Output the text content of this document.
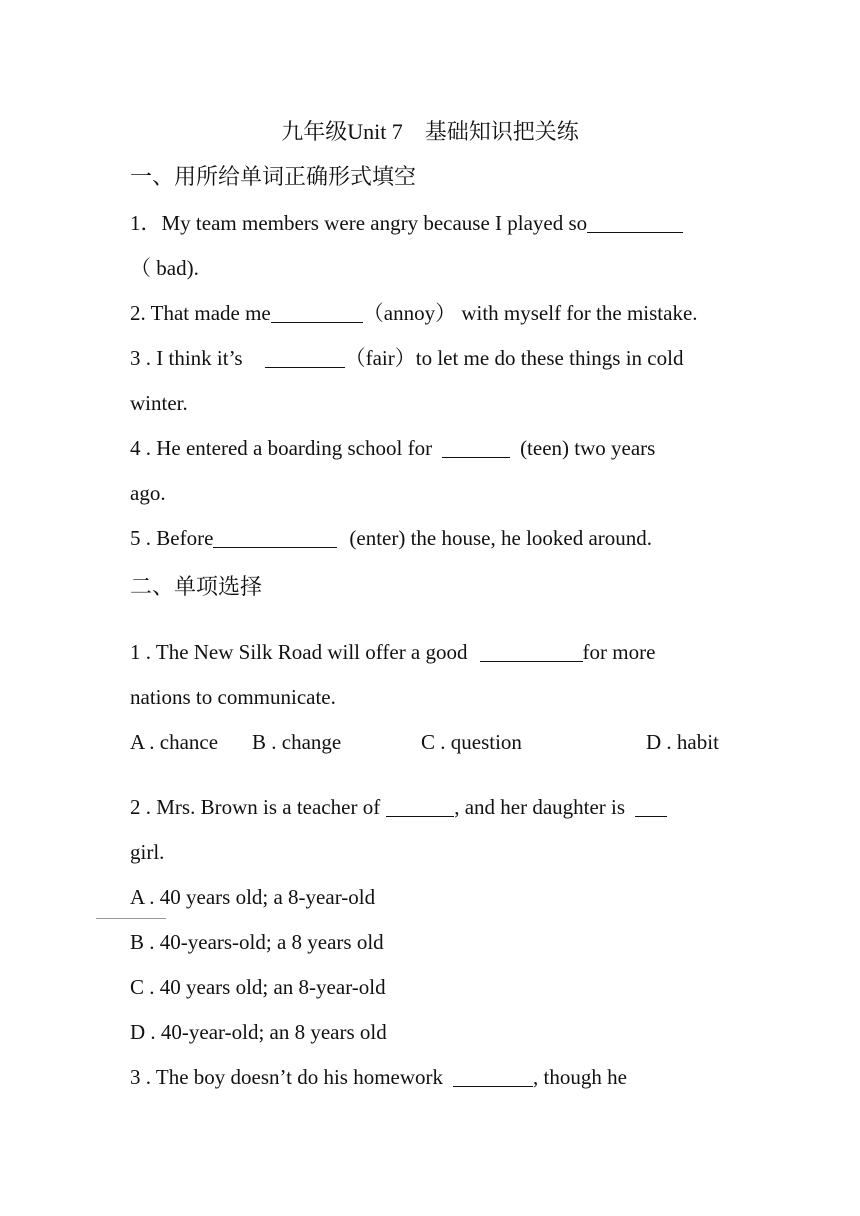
九年级Unit 7　基础知识把关练
一、用所给单词正确形式填空
1．My team members were angry because I played so
（ bad).
2. That made me	（annoy） with myself for the mistake.
3 . I think it’s	（fair）to let me do these things in cold
winter.
4 . He entered a boarding school for	(teen) two years
ago.
5 . Before	(enter) the house, he looked around.
二、单项选择
1 . The New Silk Road will offer a good	for more
nations to communicate.
A . chance B . change	C . question	D . habit
2 . Mrs. Brown is a teacher of	, and her daughter is
girl.
A . 40 years old; a 8-year-old
B . 40-years-old; a 8 years old
C . 40 years old; an 8-year-old
D . 40-year-old; an 8 years old
3 . The boy doesn’t do his homework	, though he
